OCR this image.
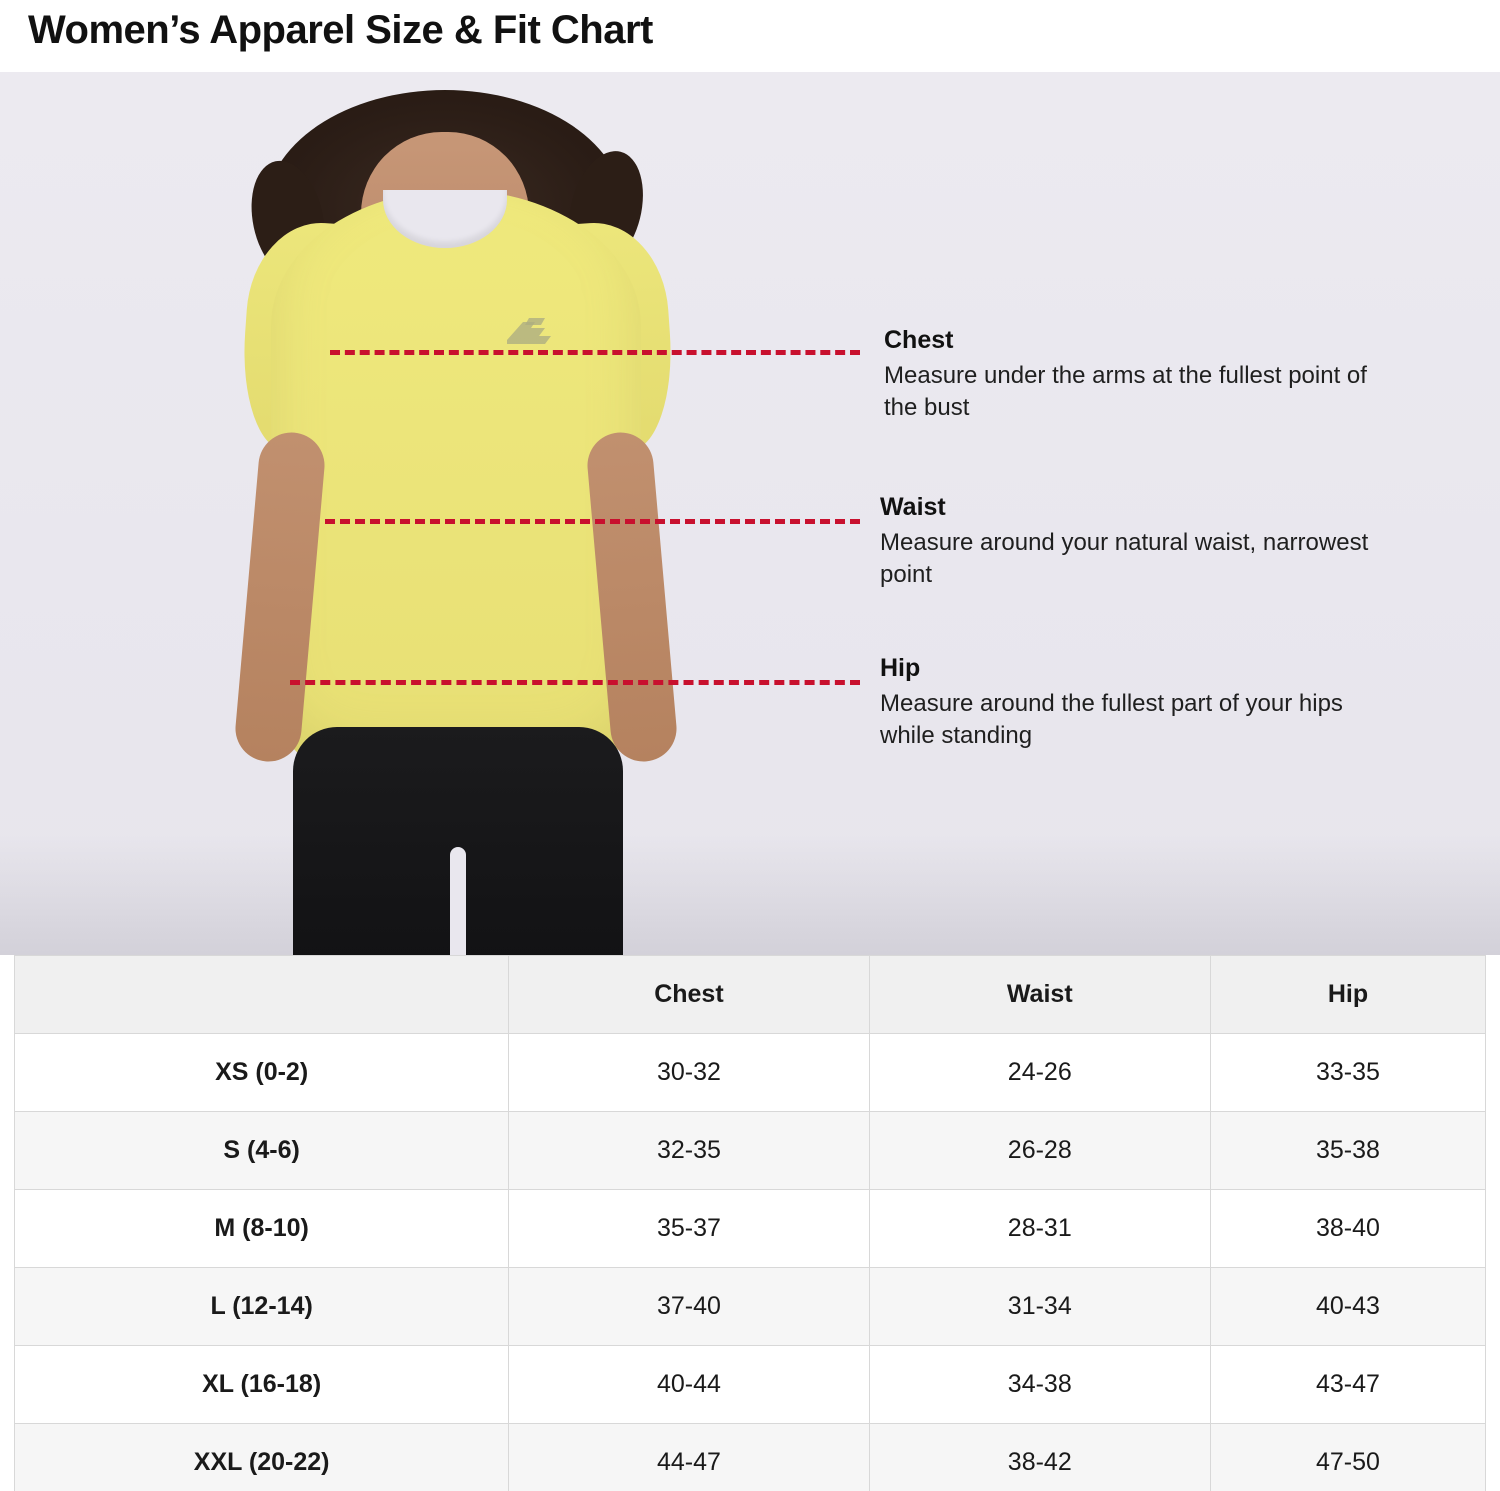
Women’s Apparel Size & Fit Chart

Chest

Measure under the arms at the fullest point of the bust

Waist

Measure around your natural waist, narrowest point

Hip

Measure around the fullest part of your hips while standing

	Chest	Waist	Hip
XS (0-2)	30-32	24-26	33-35
S (4-6)	32-35	26-28	35-38
M (8-10)	35-37	28-31	38-40
L (12-14)	37-40	31-34	40-43
XL (16-18)	40-44	34-38	43-47
XXL (20-22)	44-47	38-42	47-50
